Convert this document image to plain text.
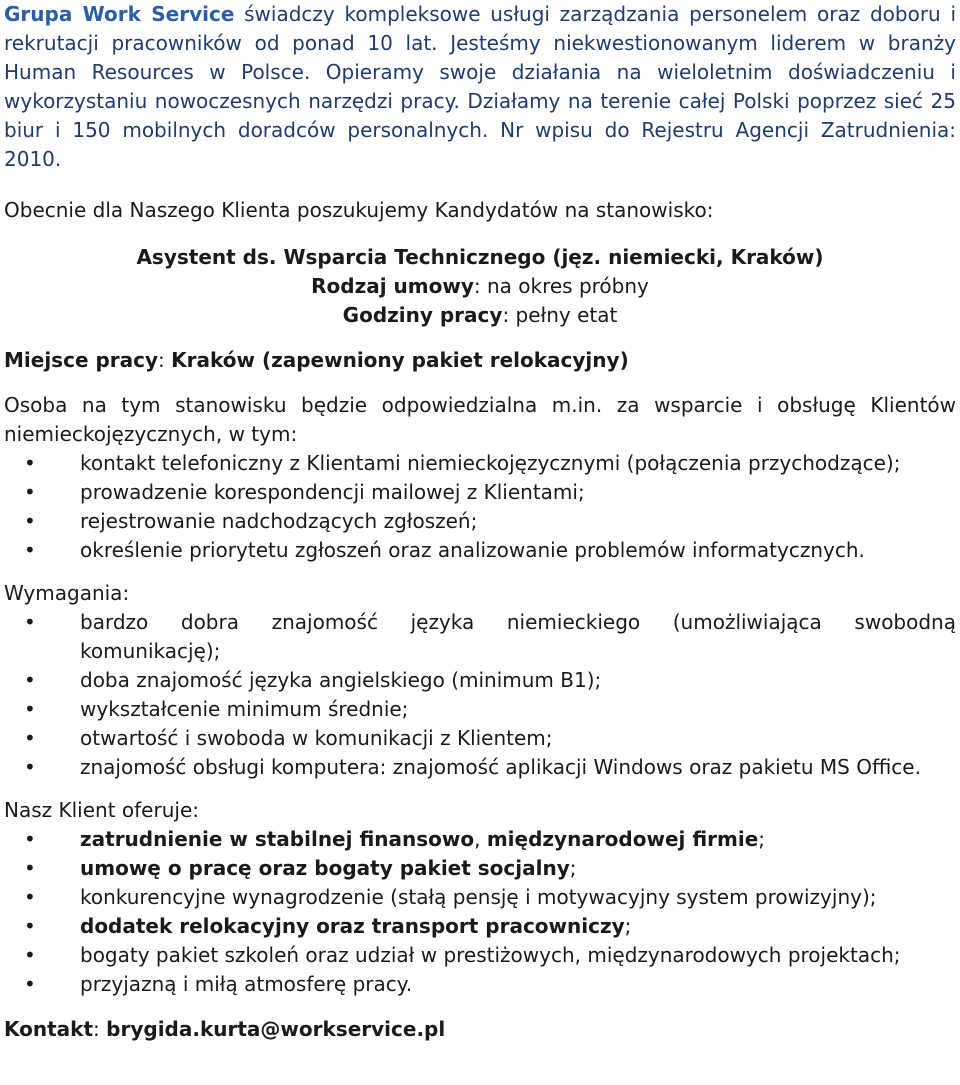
Grupa Work Service świadczy kompleksowe usługi zarządzania personelem oraz doboru i rekrutacji pracowników od ponad 10 lat. Jesteśmy niekwestionowanym liderem w branży Human Resources w Polsce. Opieramy swoje działania na wieloletnim doświadczeniu i wykorzystaniu nowoczesnych narzędzi pracy. Działamy na terenie całej Polski poprzez sieć 25 biur i 150 mobilnych doradców personalnych. Nr wpisu do Rejestru Agencji Zatrudnienia: 2010.

Obecnie dla Naszego Klienta poszukujemy Kandydatów na stanowisko:
Asystent ds. Wsparcia Technicznego (jęz. niemiecki, Kraków)
Rodzaj umowy: na okres próbny
Godziny pracy: pełny etat
Miejsce pracy: Kraków (zapewniony pakiet relokacyjny)
Osoba na tym stanowisku będzie odpowiedzialna m.in. za wsparcie i obsługę Klientów niemieckojęzycznych, w tym:
• kontakt telefoniczny z Klientami niemieckojęzycznymi (połączenia przychodzące);
• prowadzenie korespondencji mailowej z Klientami;
• rejestrowanie nadchodzących zgłoszeń;
• określenie priorytetu zgłoszeń oraz analizowanie problemów informatycznych.
Wymagania:
• bardzo dobra znajomość języka niemieckiego (umożliwiająca swobodną
komunikację);
• doba znajomość języka angielskiego (minimum B1);
• wykształcenie minimum średnie;
• otwartość i swoboda w komunikacji z Klientem;
• znajomość obsługi komputera: znajomość aplikacji Windows oraz pakietu MS Office.
Nasz Klient oferuje:
• zatrudnienie w stabilnej finansowo, międzynarodowej firmie;
• umowę o pracę oraz bogaty pakiet socjalny;
• konkurencyjne wynagrodzenie (stałą pensję i motywacyjny system prowizyjny);
• dodatek relokacyjny oraz transport pracowniczy;
• bogaty pakiet szkoleń oraz udział w prestiżowych, międzynarodowych projektach;
• przyjazną i miłą atmosferę pracy.
Kontakt: brygida.kurta@workservice.pl
